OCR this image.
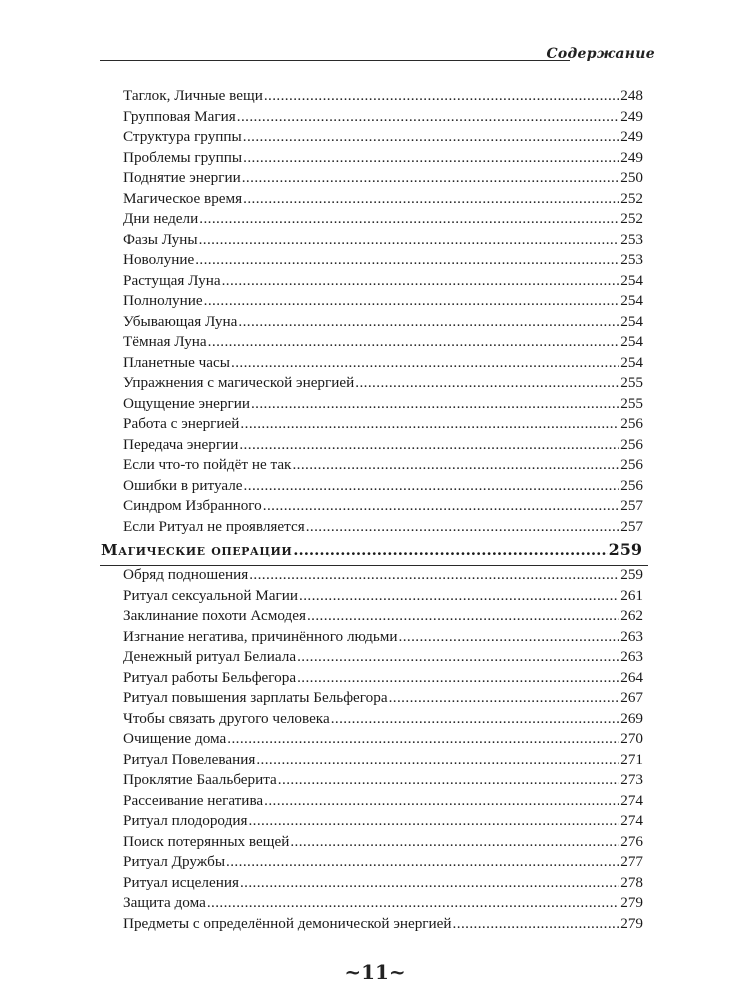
Содержание
Таглок, Личные вещи .....	248
Групповая Магия .....	249
Структура группы .....	249
Проблемы группы .....	249
Поднятие энергии .....	250
Магическое время .....	252
Дни недели .....	252
Фазы Луны .....	253
Новолуние .....	253
Растущая Луна .....	254
Полнолуние .....	254
Убывающая Луна .....	254
Тёмная Луна .....	254
Планетные часы .....	254
Упражнения с магической энергией .....	255
Ощущение энергии .....	255
Работа с энергией .....	256
Передача энергии .....	256
Если что-то пойдёт не так .....	256
Ошибки в ритуале .....	256
Синдром Избранного .....	257
Если Ритуал не проявляется .....	257
Магические операции .....	259
Обряд подношения .....	259
Ритуал сексуальной Магии .....	261
Заклинание похоти Асмодея .....	262
Изгнание негатива, причинённого людьми .....	263
Денежный ритуал Белиала .....	263
Ритуал работы Бельфегора .....	264
Ритуал повышения зарплаты Бельфегора .....	267
Чтобы связать другого человека .....	269
Очищение дома .....	270
Ритуал Повелевания .....	271
Проклятие Баальберита .....	273
Рассеивание негатива .....	274
Ритуал плодородия .....	274
Поиск потерянных вещей .....	276
Ритуал Дружбы .....	277
Ритуал исцеления .....	278
Защита дома .....	279
Предметы с определённой демонической энергией .....	279
~11~
